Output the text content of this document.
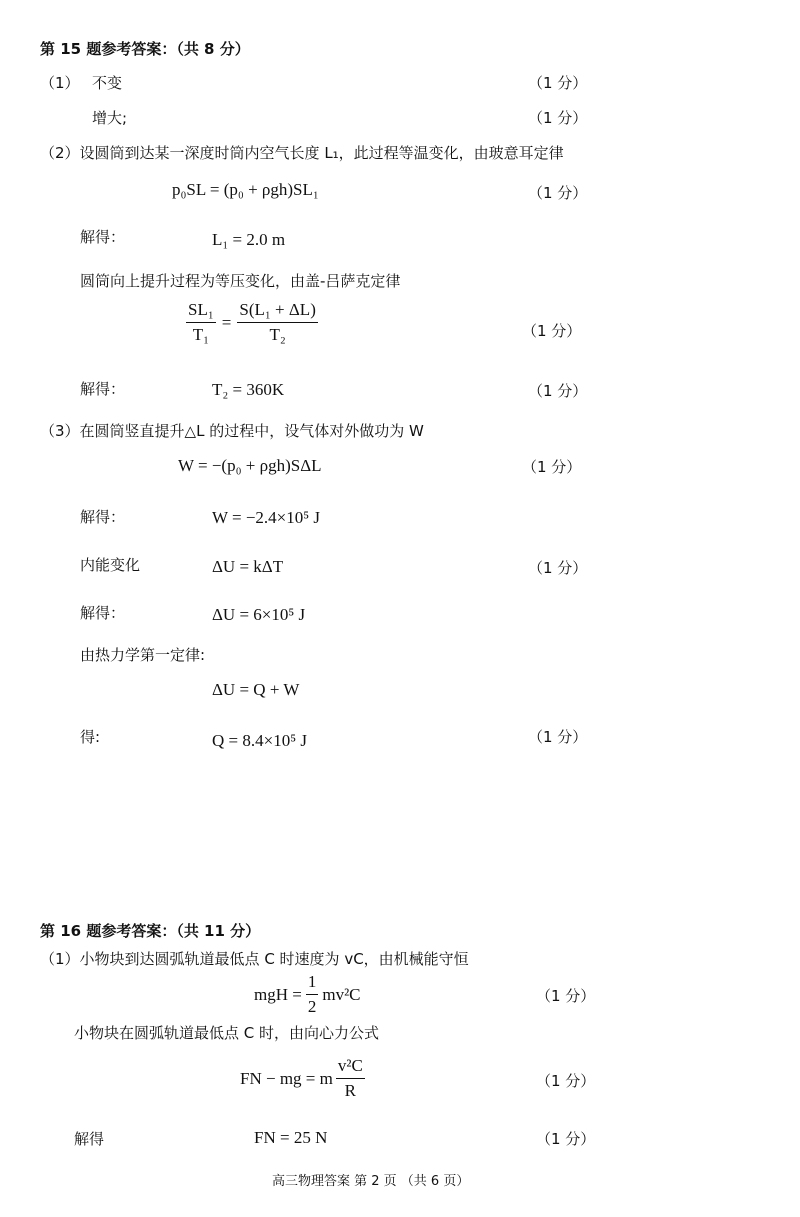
第 15 题参考答案：（共 8 分）
（1） 不变	（1 分）
增大;	（1 分）
（2）设圆筒到达某一深度时筒内空气长度 L₁，此过程等温变化，由玻意耳定律
p₀SL = (p₀ + ρgh)SL₁	（1 分）
解得：	L₁ = 2.0 m
圆筒向上提升过程为等压变化，由盖-吕萨克定律
$\frac{\text{SL₁}}{\text{T₁}} = \frac{\text{S(L₁ + ΔL)}}{\text{T₂}}$	（1 分）
解得：	T₂ = 360K	（1 分）
（3）在圆筒竖直提升△L 的过程中，设气体对外做功为 W
W = −(p₀ + ρgh)SΔL	（1 分）
解得：	W = −2.4×10⁵ J
内能变化	ΔU = kΔT	（1 分）
解得：	ΔU = 6×10⁵ J
由热力学第一定律:
ΔU = Q + W
得:	Q = 8.4×10⁵ J	（1 分）
第 16 题参考答案：（共 11 分）
（1）小物块到达圆弧轨道最低点 C 时速度为 vC，由机械能守恒
mgH = $\frac{1}{2} mv^2C$	（1 分）
小物块在圆弧轨道最低点 C 时，由向心力公式
FN − mg = m $\frac{\text{v²C}}{R}$	（1 分）
解得	FN = 25 N	（1 分）
高三物理答案 第 2 页 （共 6 页）
